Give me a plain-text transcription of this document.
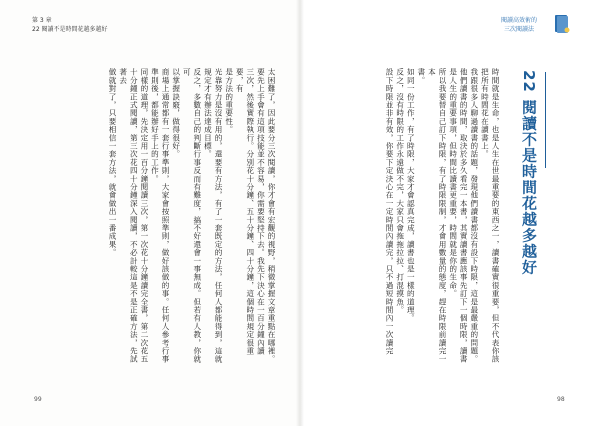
第 3 章
22 閱讀不是時間花越多越好
閱讀高效術的
三次閱讀法

太困難了，因此要分三次閱讀，你才會有宏觀的視野，稍微掌握文章重點在哪裡。

要先上手會有這項技能並不容易，你需要堅持下去。我先下決心在一百分鐘內讀

三次，然後實際執行。分別花十分鐘、五十分鐘、四十分鐘，這個時間規定很重要，有

是方法的重要性。

光靠努力是沒有用的，還要有方法，有了一套既定的方法，任何人都能得到，這就

規定才有辦法達成目標。

反之，多數自己的判斷行事反而有難度，搞不好還會一事無成。但若有人教，你就可

以掌握訣竅，做得很好。

商場上通常都有一套行事準則，大家會按照準則，做好該做的事。任何人參考行事

準則後，都能辦好手上的工作。

同樣的道理，先決定用一百分鐘閱讀三次，第一次花十分鐘讀完全書，第二次花五

十分鐘正式閱讀，第三次花四十分鐘深入閱讀，不必計較這是不是正確方法，先試著去

做就對了，只要相信一套方法，就會做出一番成果。	時間就是生命，也是人生在世最重要的東西之一，讀書確實很重要，但不代表你該

把所有時間花在讀書上。

我跟很多人聊過讀書的話題，發現他們讀書都沒有設下時限，這是最嚴重的問題。

他們讀書的時間，取決於多久看完一本書，其實讀書應該事先訂下一個時限，讀書

是人生的重要事項，但時間比讀書更重要，時間就是你的生命。

所以我要替自己訂下時限，有了時限限制，才會用數量的態度，趕在時限前讀完一本

書。

如同一份工作，有了時限，大家才會認真完成，讀書也是一樣的道理。

反之，沒有時限的工作永遠做不完，大家只會拖拖拉拉、打混摸魚。

設下時限並非有效，你要下定決心在一定時間內讀完，只不過短時間內一次讀完	22 閱讀不是時間花越多越好
99	98
